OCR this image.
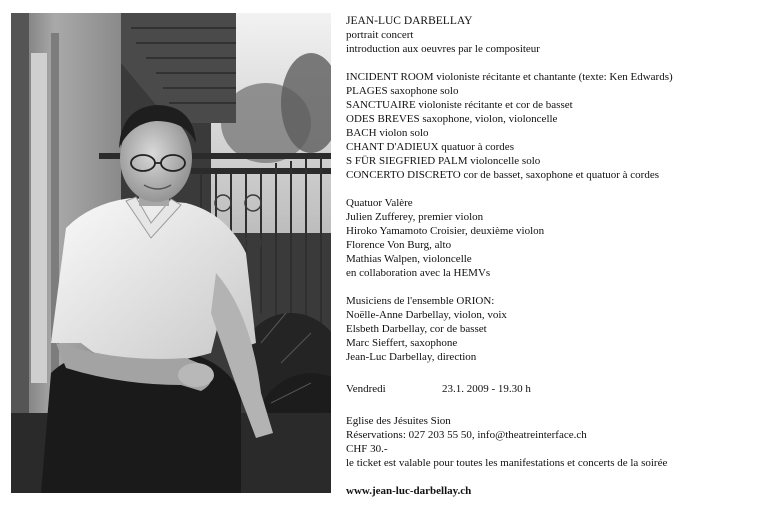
JEAN-LUC DARBELLAY
portrait concert
introduction aux oeuvres par le compositeur
INCIDENT ROOM violoniste récitante et chantante (texte: Ken Edwards)
PLAGES saxophone solo
SANCTUAIRE violoniste récitante et cor de basset
ODES BREVES saxophone, violon, violoncelle
BACH violon solo
CHANT D'ADIEUX quatuor à cordes
S FÜR SIEGFRIED PALM violoncelle solo
CONCERTO DISCRETO cor de basset, saxophone et quatuor à cordes
Quatuor Valère
Julien Zufferey, premier violon
Hiroko Yamamoto Croisier, deuxième violon
Florence Von Burg, alto
Mathias Walpen, violoncelle
en collaboration avec la HEMVs
Musiciens de l'ensemble ORION:
Noëlle-Anne Darbellay, violon, voix
Elsbeth Darbellay, cor de basset
Marc Sieffert, saxophone
Jean-Luc Darbellay, direction
Vendredi	23.1. 2009 - 19.30 h
Eglise des Jésuites Sion
Réservations: 027 203 55 50, info@theatreinterface.ch
CHF 30.-
le ticket est valable pour toutes les manifestations et concerts de la soirée
www.jean-luc-darbellay.ch
